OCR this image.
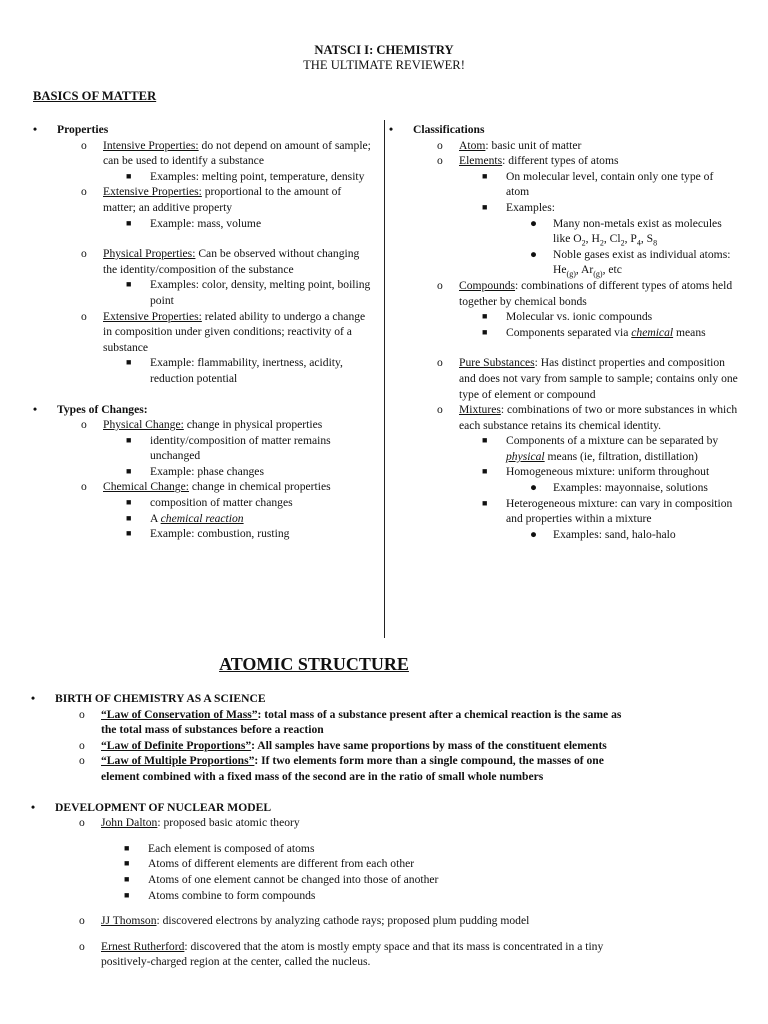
NATSCI I: CHEMISTRY
THE ULTIMATE REVIEWER!
BASICS OF MATTER
• Properties
o Intensive Properties: do not depend on amount of sample; can be used to identify a substance
■ Examples: melting point, temperature, density
o Extensive Properties: proportional to the amount of matter; an additive property
■ Example: mass, volume
o Physical Properties: Can be observed without changing the identity/composition of the substance
■ Examples: color, density, melting point, boiling point
o Extensive Properties: related ability to undergo a change in composition under given conditions; reactivity of a substance
■ Example: flammability, inertness, acidity, reduction potential
• Types of Changes:
o Physical Change: change in physical properties
■ identity/composition of matter remains unchanged
■ Example: phase changes
o Chemical Change: change in chemical properties
■ composition of matter changes
■ A chemical reaction
■ Example: combustion, rusting
• Classifications
o Atom: basic unit of matter
o Elements: different types of atoms
■ On molecular level, contain only one type of atom
■ Examples:
● Many non-metals exist as molecules like $O_2$, $H_2$, $Cl_2$, $P_4$, $S_8$
● Noble gases exist as individual atoms: $He_{(g)}$, $Ar_{(g)}$, etc
o Compounds: combinations of different types of atoms held together by chemical bonds
■ Molecular vs. ionic compounds
■ Components separated via chemical means
o Pure Substances: Has distinct properties and composition and does not vary from sample to sample; contains only one type of element or compound
o Mixtures: combinations of two or more substances in which each substance retains its chemical identity.
■ Components of a mixture can be separated by physical means (ie, filtration, distillation)
■ Homogeneous mixture: uniform throughout
● Examples: mayonnaise, solutions
■ Heterogeneous mixture: can vary in composition and properties within a mixture
● Examples: sand, halo-halo
ATOMIC STRUCTURE
• BIRTH OF CHEMISTRY AS A SCIENCE
o “Law of Conservation of Mass”: total mass of a substance present after a chemical reaction is the same as the total mass of substances before a reaction
o “Law of Definite Proportions”: All samples have same proportions by mass of the constituent elements
o “Law of Multiple Proportions”: If two elements form more than a single compound, the masses of one element combined with a fixed mass of the second are in the ratio of small whole numbers
• DEVELOPMENT OF NUCLEAR MODEL
o John Dalton: proposed basic atomic theory
■ Each element is composed of atoms
■ Atoms of different elements are different from each other
■ Atoms of one element cannot be changed into those of another
■ Atoms combine to form compounds
o JJ Thomson: discovered electrons by analyzing cathode rays; proposed plum pudding model
o Ernest Rutherford: discovered that the atom is mostly empty space and that its mass is concentrated in a tiny positively-charged region at the center, called the nucleus.
